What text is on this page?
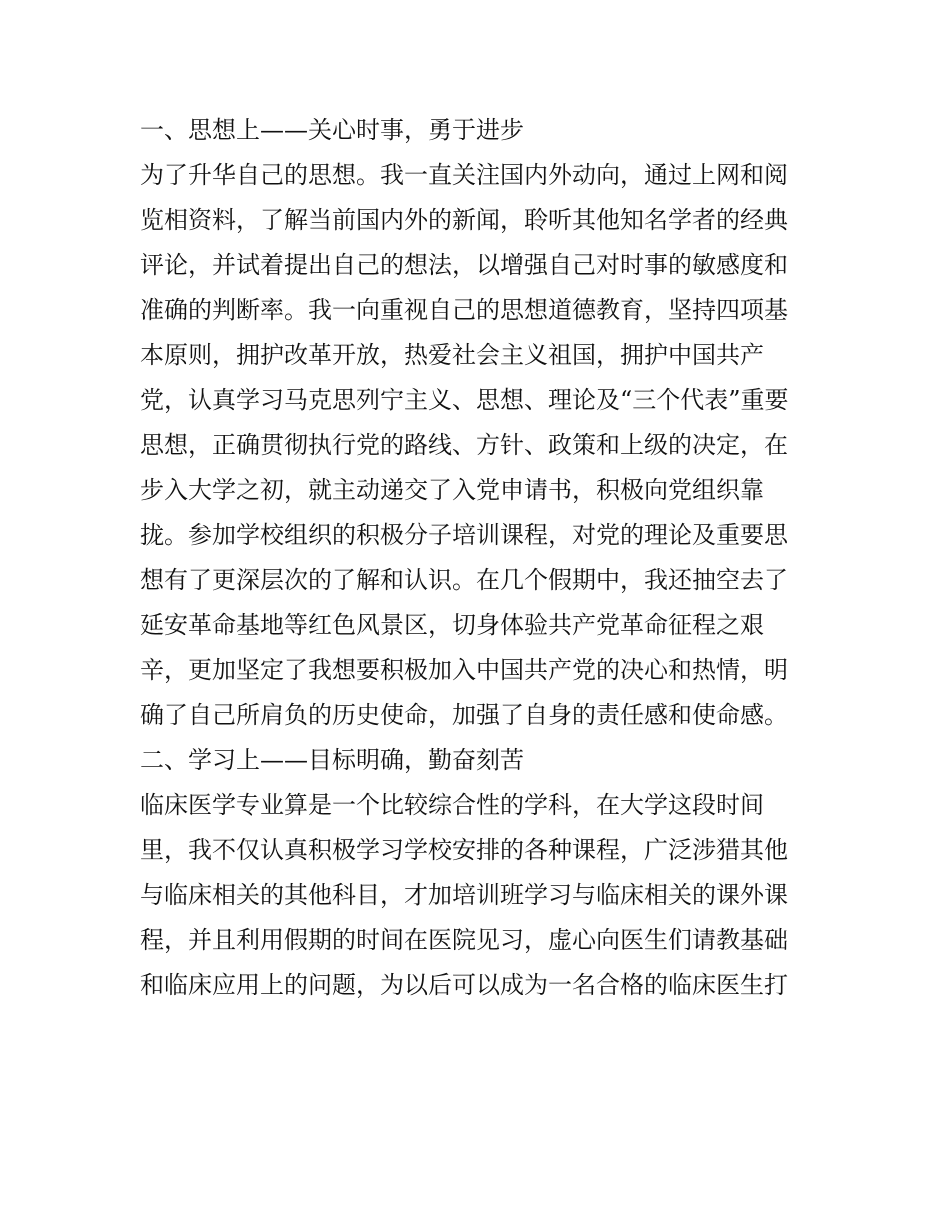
一、思想上——关心时事，勇于进步
为了升华自己的思想。我一直关注国内外动向，通过上网和阅
览相资料，了解当前国内外的新闻，聆听其他知名学者的经典
评论，并试着提出自己的想法，以增强自己对时事的敏感度和
准确的判断率。我一向重视自己的思想道德教育，坚持四项基
本原则，拥护改革开放，热爱社会主义祖国，拥护中国共产
党，认真学习马克思列宁主义、思想、理论及“三个代表”重要
思想，正确贯彻执行党的路线、方针、政策和上级的决定，在
步入大学之初，就主动递交了入党申请书，积极向党组织靠
拢。参加学校组织的积极分子培训课程，对党的理论及重要思
想有了更深层次的了解和认识。在几个假期中，我还抽空去了
延安革命基地等红色风景区，切身体验共产党革命征程之艰
辛，更加坚定了我想要积极加入中国共产党的决心和热情，明
确了自己所肩负的历史使命，加强了自身的责任感和使命感。
二、学习上——目标明确，勤奋刻苦
临床医学专业算是一个比较综合性的学科，在大学这段时间
里，我不仅认真积极学习学校安排的各种课程，广泛涉猎其他
与临床相关的其他科目，才加培训班学习与临床相关的课外课
程，并且利用假期的时间在医院见习，虚心向医生们请教基础
和临床应用上的问题，为以后可以成为一名合格的临床医生打
